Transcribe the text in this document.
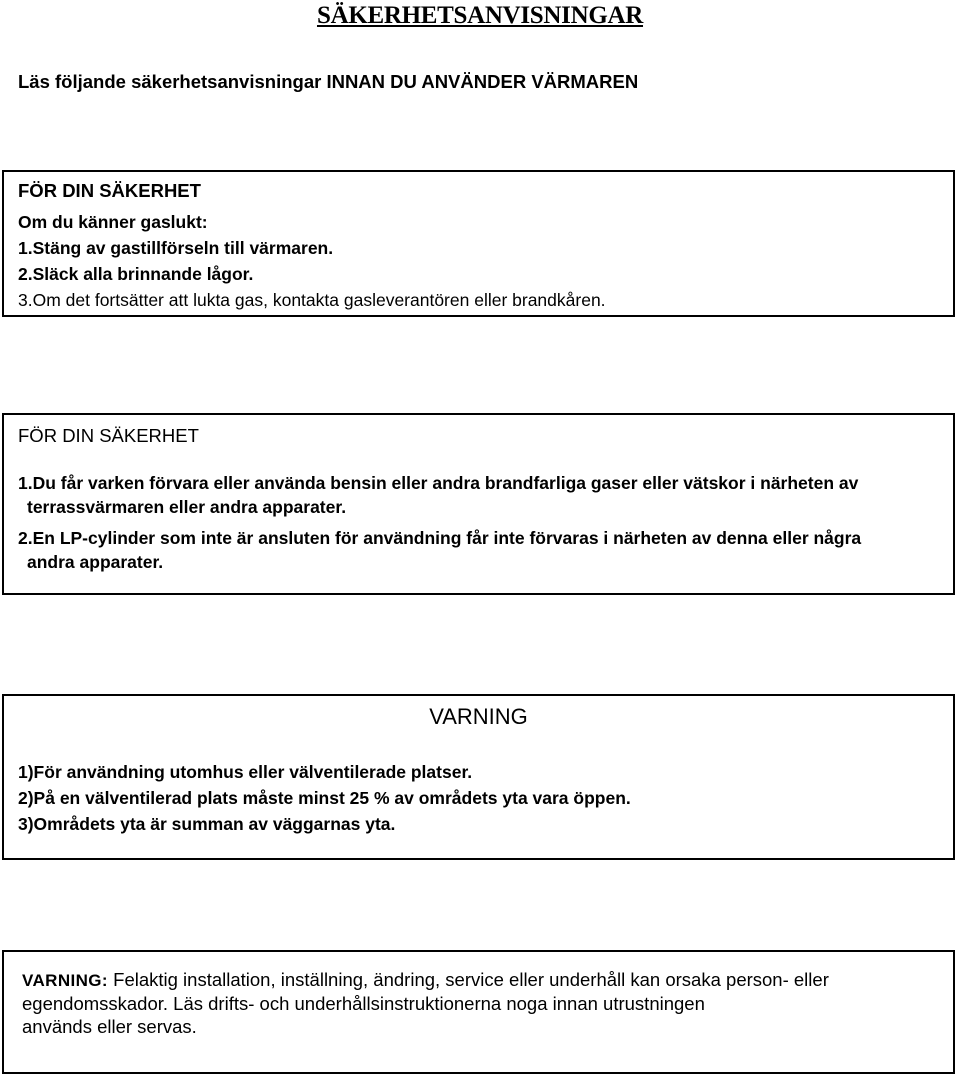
SÄKERHETSANVISNINGAR
Läs följande säkerhetsanvisningar INNAN DU ANVÄNDER VÄRMAREN
FÖR DIN SÄKERHET
Om du känner gaslukt:
1.Stäng av gastillförseln till värmaren.
2.Släck alla brinnande lågor.
3.Om det fortsätter att lukta gas, kontakta gasleverantören eller brandkåren.
FÖR DIN SÄKERHET
1.Du får varken förvara eller använda bensin eller andra brandfarliga gaser eller vätskor i närheten av
terrassvärmaren eller andra apparater.
2.En LP-cylinder som inte är ansluten för användning får inte förvaras i närheten av denna eller några
andra apparater.
VARNING
1)För användning utomhus eller välventilerade platser.
2)På en välventilerad plats måste minst 25 % av områdets yta vara öppen.
3)Områdets yta är summan av väggarnas yta.
VARNING: Felaktig installation, inställning, ändring, service eller underhåll kan orsaka person- eller
egendomsskador. Läs drifts- och underhållsinstruktionerna noga innan utrustningen
används eller servas.
